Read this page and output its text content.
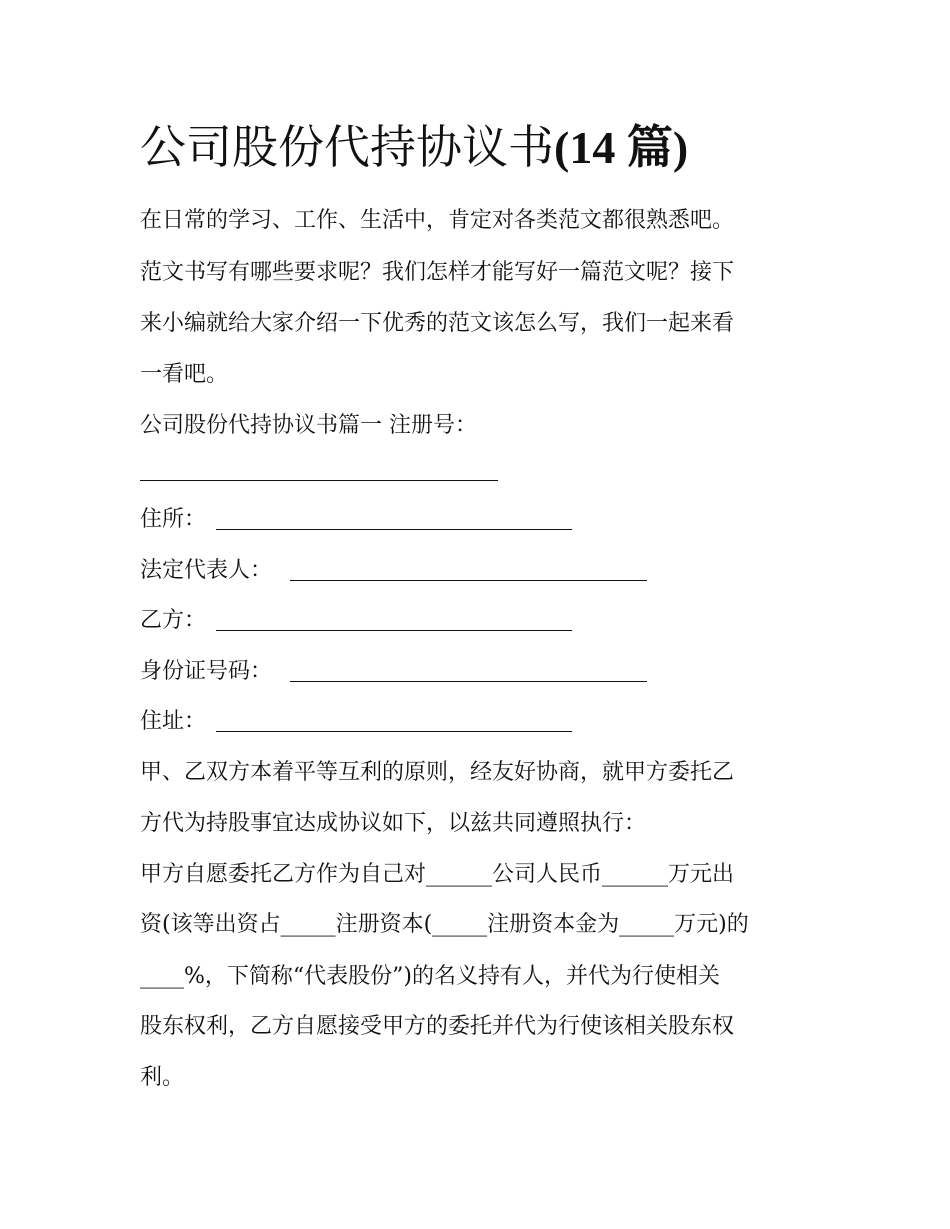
公司股份代持协议书(14 篇)

在日常的学习、工作、生活中，肯定对各类范文都很熟悉吧。

范文书写有哪些要求呢？我们怎样才能写好一篇范文呢？接下

来小编就给大家介绍一下优秀的范文该怎么写，我们一起来看

一看吧。

公司股份代持协议书篇一 注册号：

住所：

法定代表人：

乙方：

身份证号码：

住址：

甲、乙双方本着平等互利的原则，经友好协商，就甲方委托乙

方代为持股事宜达成协议如下，以兹共同遵照执行：

甲方自愿委托乙方作为自己对______公司人民币______万元出

资(该等出资占_____注册资本(_____注册资本金为_____万元)的

____%，下简称“代表股份”)的名义持有人，并代为行使相关

股东权利，乙方自愿接受甲方的委托并代为行使该相关股东权

利。
